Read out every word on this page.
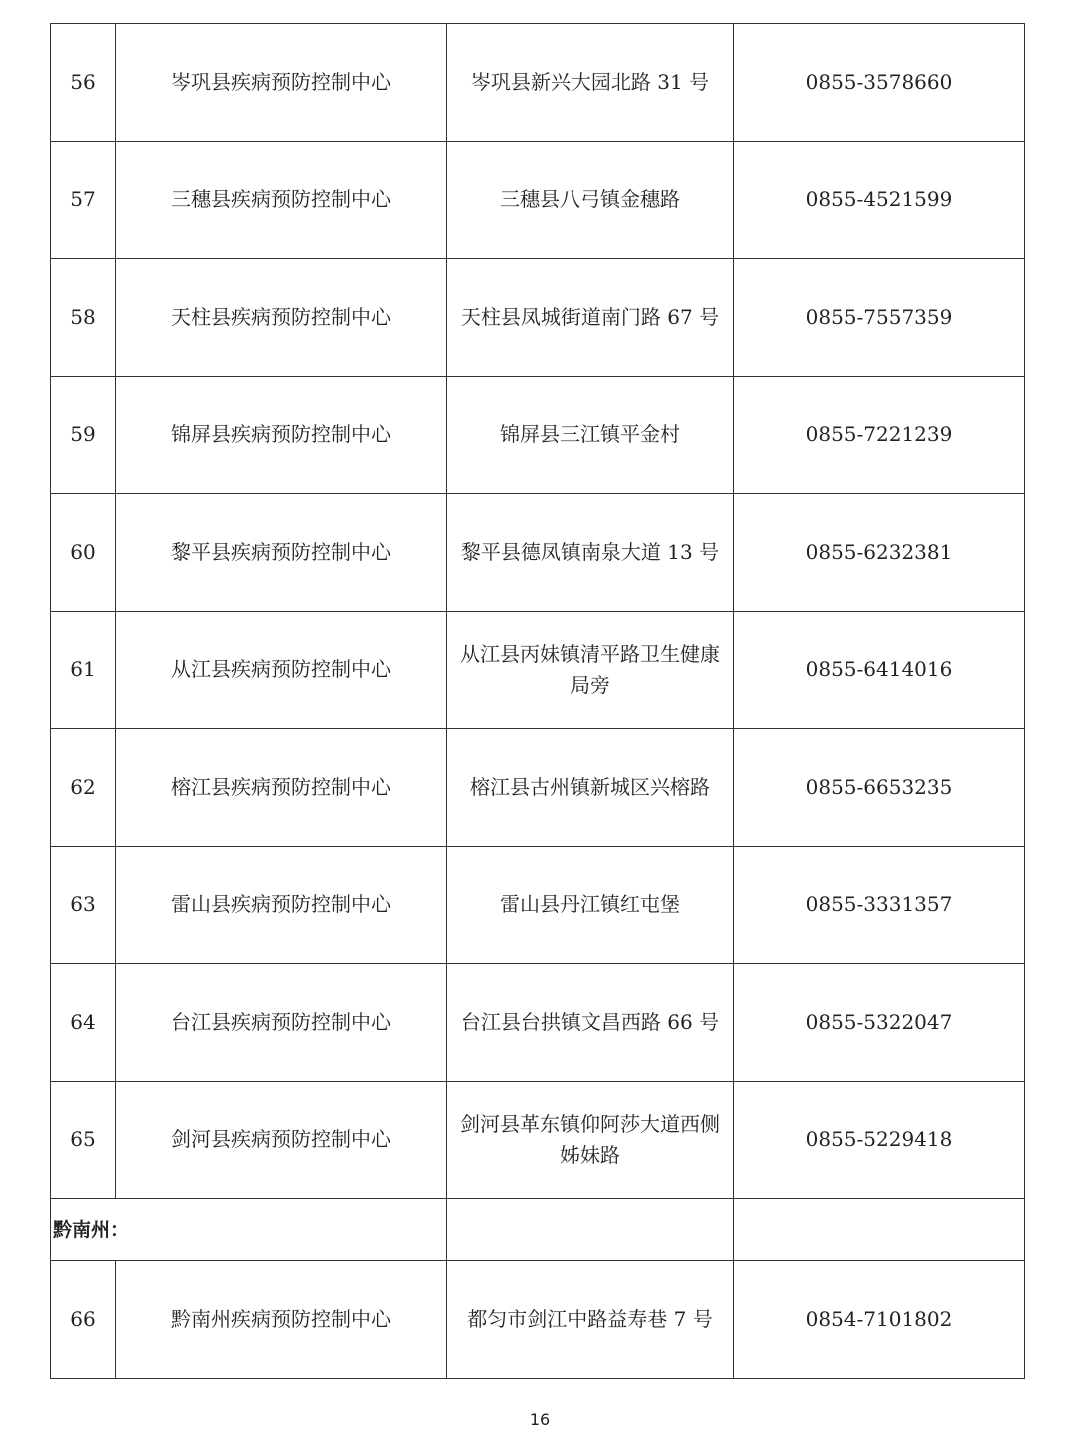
56	岑巩县疾病预防控制中心	岑巩县新兴大园北路 31 号	0855-3578660
57	三穗县疾病预防控制中心	三穗县八弓镇金穗路	0855-4521599
58	天柱县疾病预防控制中心	天柱县凤城街道南门路 67 号	0855-7557359
59	锦屏县疾病预防控制中心	锦屏县三江镇平金村	0855-7221239
60	黎平县疾病预防控制中心	黎平县德凤镇南泉大道 13 号	0855-6232381
61	从江县疾病预防控制中心	从江县丙妹镇清平路卫生健康局旁	0855-6414016
62	榕江县疾病预防控制中心	榕江县古州镇新城区兴榕路	0855-6653235
63	雷山县疾病预防控制中心	雷山县丹江镇红屯堡	0855-3331357
64	台江县疾病预防控制中心	台江县台拱镇文昌西路 66 号	0855-5322047
65	剑河县疾病预防控制中心	剑河县革东镇仰阿莎大道西侧姊妹路	0855-5229418
黔南州：			
66	黔南州疾病预防控制中心	都匀市剑江中路益寿巷 7 号	0854-7101802
16
